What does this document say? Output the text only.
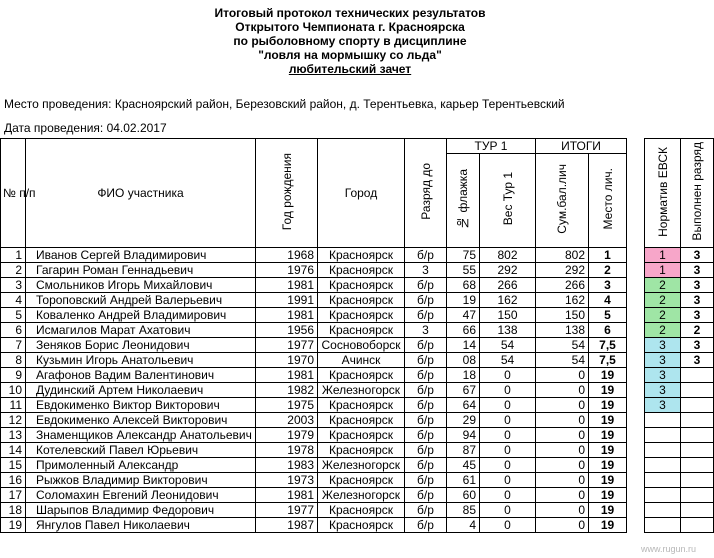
Итоговый протокол технических результатов
Открытого Чемпионата г. Красноярска
по рыболовному спорту в дисциплине
"ловля на мормышку со льда"
любительский зачет
Место проведения: Красноярский район, Березовский район, д. Терентьевка, карьер Терентьевский
Дата проведения: 04.02.2017
№ п/п	ФИО участника	Год рождения	Город	Разряд до	ТУР 1		ИТОГИ			Норматив ЕВСК	Выполнен разряд
					№ флажка	Вес Тур 1	Сум.бал.лич	Место лич.			
1	Иванов Сергей Владимирович	1968	Красноярск	б/р	75	802	802	1		1	3
2	Гагарин Роман Геннадьевич	1976	Красноярск	3	55	292	292	2		1	3
3	Смольников Игорь Михайлович	1981	Красноярск	б/р	68	266	266	3		2	3
4	Тороповский Андрей Валерьевич	1991	Красноярск	б/р	19	162	162	4		2	3
5	Коваленко Андрей Владимирович	1981	Красноярск	б/р	47	150	150	5		2	3
6	Исмагилов Марат Ахатович	1956	Красноярск	3	66	138	138	6		2	2
7	Зеняков Борис Леонидович	1977	Сосновоборск	б/р	14	54	54	7,5		3	3
8	Кузьмин Игорь Анатольевич	1970	Ачинск	б/р	08	54	54	7,5		3	3
9	Агафонов Вадим Валентинович	1981	Красноярск	б/р	18	0	0	19		3	
10	Дудинский Артем Николаевич	1982	Железногорск	б/р	67	0	0	19		3	
11	Евдокименко Виктор Викторович	1975	Красноярск	б/р	64	0	0	19		3	
12	Евдокименко Алексей Викторович	2003	Красноярск	б/р	29	0	0	19			
13	Знаменщиков Александр Анатольевич	1979	Красноярск	б/р	94	0	0	19			
14	Котелевский Павел Юрьевич	1978	Красноярск	б/р	87	0	0	19			
15	Примоленный Александр	1983	Железногорск	б/р	45	0	0	19			
16	Рыжков Владимир Викторович	1973	Красноярск	б/р	61	0	0	19			
17	Соломахин Евгений Леонидович	1981	Железногорск	б/р	60	0	0	19			
18	Шарыпов Владимир Федорович	1977	Красноярск	б/р	85	0	0	19			
19	Янгулов Павел Николаевич	1987	Красноярск	б/р	4	0	0	19			
www.rugun.ru
